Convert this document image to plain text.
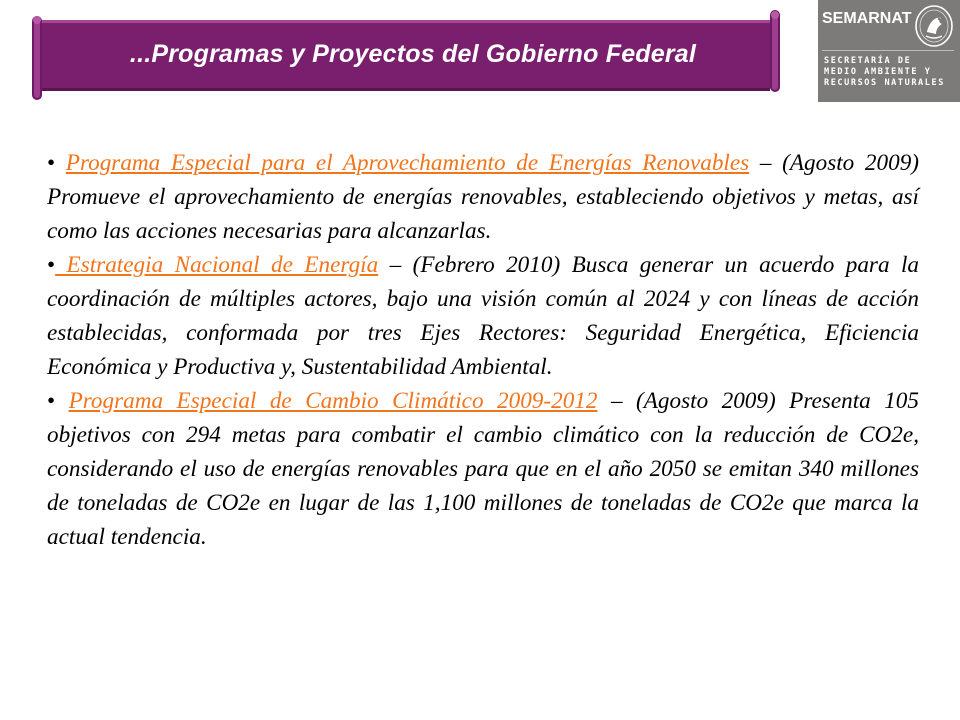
...Programas y Proyectos del Gobierno Federal
SEMARNAT
SECRETARÍA DE
MEDIO AMBIENTE Y
RECURSOS NATURALES

• Programa Especial para el Aprovechamiento de Energías Renovables – (Agosto 2009) Promueve el aprovechamiento de energías renovables, estableciendo objetivos y metas, así como las acciones necesarias para alcanzarlas.

• Estrategia Nacional de Energía – (Febrero 2010) Busca generar un acuerdo para la coordinación de múltiples actores, bajo una visión común al 2024 y con líneas de acción establecidas, conformada por tres Ejes Rectores: Seguridad Energética, Eficiencia Económica y Productiva y, Sustentabilidad Ambiental.

• Programa Especial de Cambio Climático 2009-2012 – (Agosto 2009) Presenta 105 objetivos con 294 metas para combatir el cambio climático con la reducción de CO2e, considerando el uso de energías renovables para que en el año 2050 se emitan 340 millones de toneladas de CO2e en lugar de las 1,100 millones de toneladas de CO2e que marca la actual tendencia.
